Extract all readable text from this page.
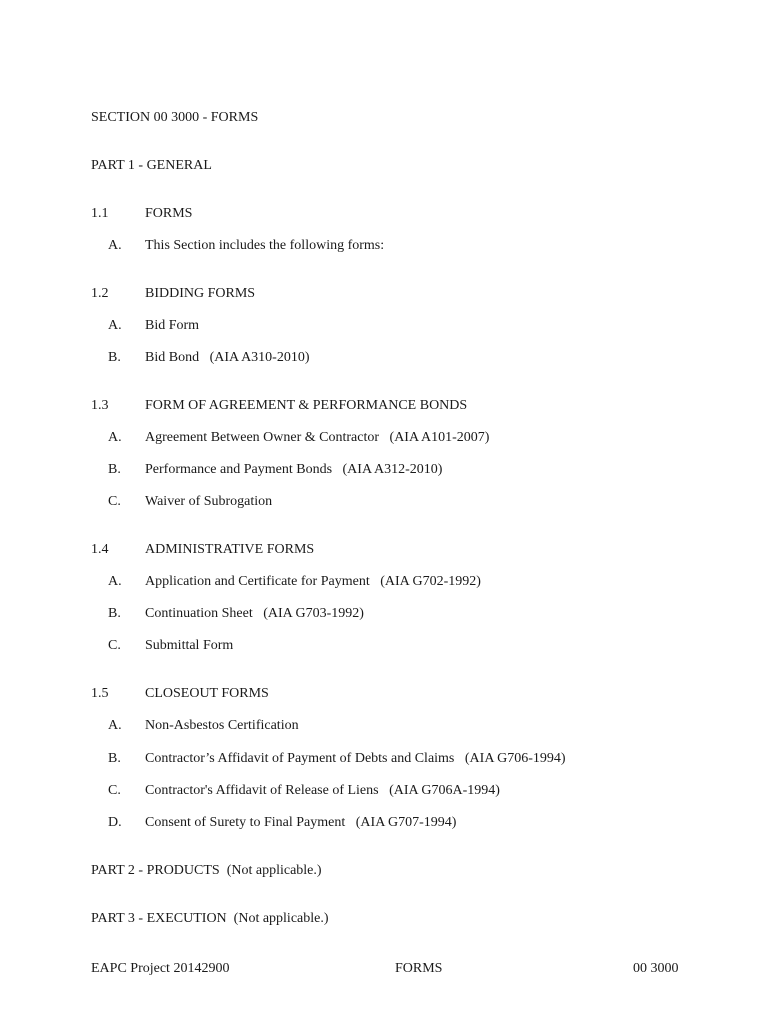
SECTION 00 3000 - FORMS
PART 1 - GENERAL
1.1	FORMS
A. This Section includes the following forms:
1.2	BIDDING FORMS
A. Bid Form
B. Bid Bond   (AIA A310-2010)
1.3	FORM OF AGREEMENT & PERFORMANCE BONDS
A. Agreement Between Owner & Contractor   (AIA A101-2007)
B. Performance and Payment Bonds   (AIA A312-2010)
C. Waiver of Subrogation
1.4	ADMINISTRATIVE FORMS
A. Application and Certificate for Payment   (AIA G702-1992)
B. Continuation Sheet   (AIA G703-1992)
C. Submittal Form
1.5	CLOSEOUT FORMS
A. Non-Asbestos Certification
B. Contractor’s Affidavit of Payment of Debts and Claims   (AIA G706-1994)
C. Contractor's Affidavit of Release of Liens   (AIA G706A-1994)
D. Consent of Surety to Final Payment   (AIA G707-1994)
PART 2 - PRODUCTS  (Not applicable.)
PART 3 - EXECUTION  (Not applicable.)
EAPC Project 20142900	FORMS	00 3000
